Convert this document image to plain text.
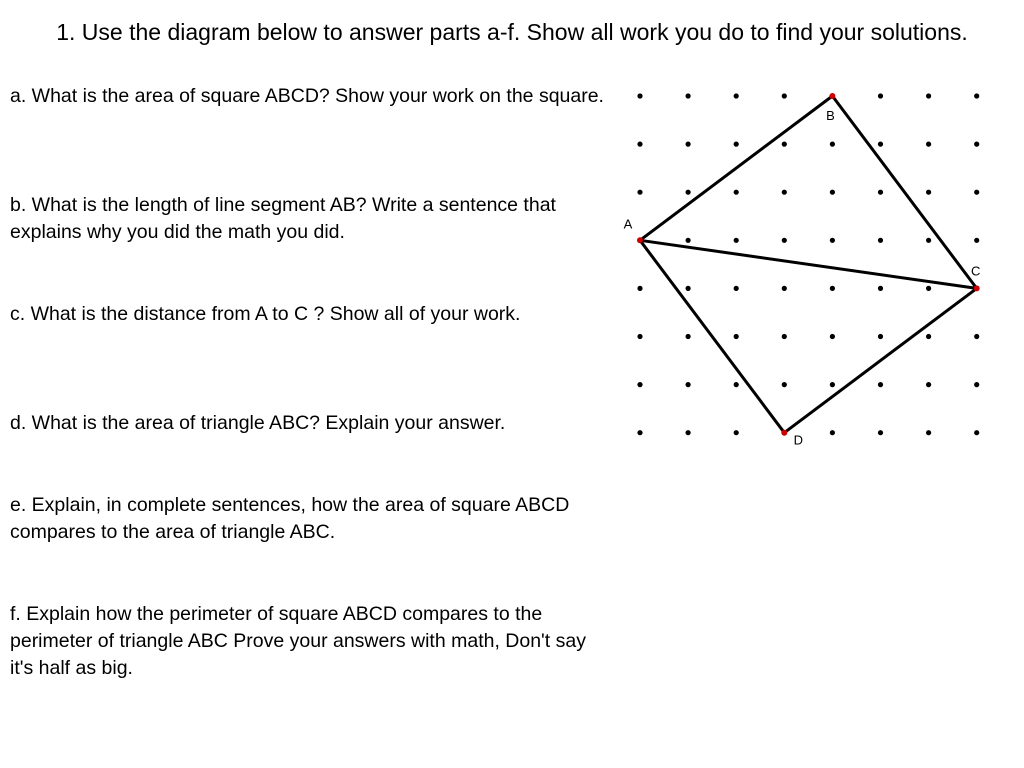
1. Use the diagram below to answer parts a-f. Show all work you do to find your solutions.
a. What is the area of square ABCD? Show your work on the square.
b. What is the length of line segment AB? Write a sentence that explains why you did the math you did.
c. What is the distance from A to C ? Show all of your work.
d. What is the area of triangle ABC? Explain your answer.
e. Explain, in complete sentences, how the area of square ABCD compares to the area of triangle ABC.
f. Explain how the perimeter of square ABCD compares to the perimeter of triangle ABC Prove your answers with math, Don't say it's half as big.
A
B
C
D
